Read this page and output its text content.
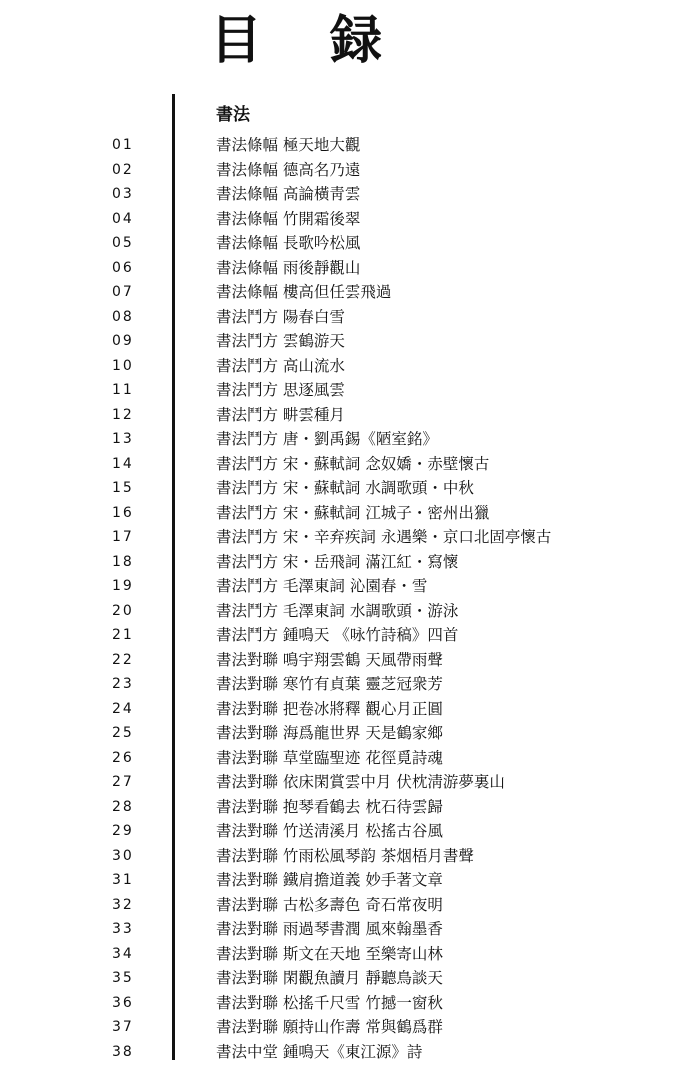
目 録
書法
01	書法條幅 極天地大觀
02	書法條幅 德高名乃遠
03	書法條幅 高論橫靑雲
04	書法條幅 竹開霜後翠
05	書法條幅 長歌吟松風
06	書法條幅 雨後靜觀山
07	書法條幅 樓高但任雲飛過
08	書法鬥方 陽春白雪
09	書法鬥方 雲鶴游天
10	書法鬥方 高山流水
11	書法鬥方 思逐風雲
12	書法鬥方 畊雲種月
13	書法鬥方 唐・劉禹錫《陋室銘》
14	書法鬥方 宋・蘇軾詞 念奴嬌・赤壁懷古
15	書法鬥方 宋・蘇軾詞 水調歌頭・中秋
16	書法鬥方 宋・蘇軾詞 江城子・密州出獵
17	書法鬥方 宋・辛弃疾詞 永遇樂・京口北固亭懷古
18	書法鬥方 宋・岳飛詞 滿江紅・寫懷
19	書法鬥方 毛澤東詞 沁園春・雪
20	書法鬥方 毛澤東詞 水調歌頭・游泳
21	書法鬥方 鍾鳴天 《咏竹詩稿》四首
22	書法對聯 鳴宇翔雲鶴 天風帶雨聲
23	書法對聯 寒竹有貞葉 靈芝冠衆芳
24	書法對聯 把卷冰將釋 觀心月正圓
25	書法對聯 海爲龍世界 天是鶴家鄉
26	書法對聯 草堂臨聖迹 花徑覓詩魂
27	書法對聯 依床閑賞雲中月 伏枕淸游夢裏山
28	書法對聯 抱琴看鶴去 枕石待雲歸
29	書法對聯 竹送淸溪月 松搖古谷風
30	書法對聯 竹雨松風琴韵 茶烟梧月書聲
31	書法對聯 鐵肩擔道義 妙手著文章
32	書法對聯 古松多壽色 奇石常夜明
33	書法對聯 雨過琴書潤 風來翰墨香
34	書法對聯 斯文在天地 至樂寄山林
35	書法對聯 閑觀魚讀月 靜聽鳥談天
36	書法對聯 松搖千尺雪 竹撼一窗秋
37	書法對聯 願持山作壽 常與鶴爲群
38	書法中堂 鍾鳴天《東江源》詩
